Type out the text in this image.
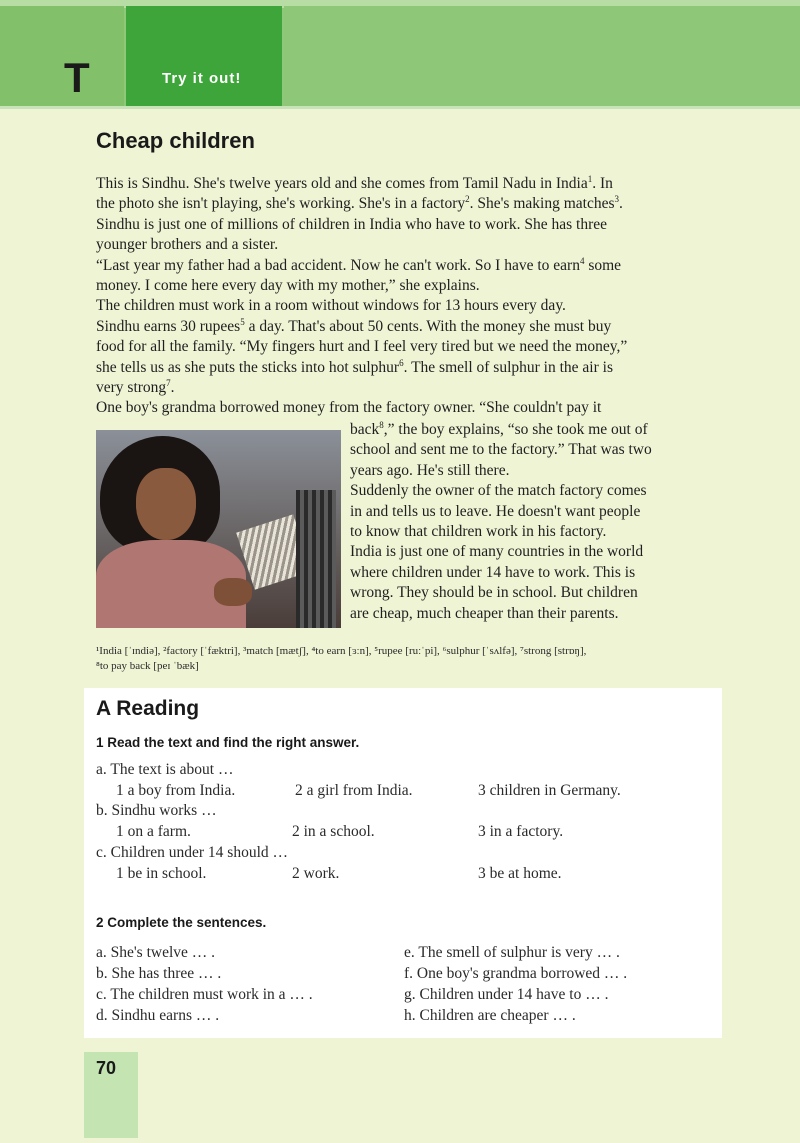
T	Try it out!
Cheap children

This is Sindhu. She's twelve years old and she comes from Tamil Nadu in India$^1$. In

the photo she isn't playing, she's working. She's in a factory$^2$. She's making matches$^3$.

Sindhu is just one of millions of children in India who have to work. She has three

younger brothers and a sister.

“Last year my father had a bad accident. Now he can't work. So I have to earn$^4$ some

money. I come here every day with my mother,” she explains.

The children must work in a room without windows for 13 hours every day.

Sindhu earns 30 rupees$^5$ a day. That's about 50 cents. With the money she must buy

food for all the family. “My fingers hurt and I feel very tired but we need the money,”

she tells us as she puts the sticks into hot sulphur$^6$. The smell of sulphur in the air is

very strong$^7$.

One boy's grandma borrowed money from the factory owner. “She couldn't pay it

back$^8$,” the boy explains, “so she took me out of

school and sent me to the factory.” That was two

years ago. He's still there.

Suddenly the owner of the match factory comes

in and tells us to leave. He doesn't want people

to know that children work in his factory.

India is just one of many countries in the world

where children under 14 have to work. This is

wrong. They should be in school. But children

are cheap, much cheaper than their parents.

¹India [ˈɪndiə], ²factory [ˈfæktri], ³match [mætʃ], ⁴to earn [ɜːn], ⁵rupee [ruːˈpi], ⁶sulphur [ˈsʌlfə], ⁷strong [strɒŋ],
⁸to pay back [peɪ ˈbæk]
A Reading
1 Read the text and find the right answer.
a. The text is about …
1 a boy from India.	2 a girl from India.	3 children in Germany.
b. Sindhu works …
1 on a farm.	2 in a school.	3 in a factory.
c. Children under 14 should …
1 be in school.	2 work.	3 be at home.
2 Complete the sentences.
a. She's twelve … .
b. She has three … .
c. The children must work in a … .
d. Sindhu earns … .
e. The smell of sulphur is very … .
f. One boy's grandma borrowed … .
g. Children under 14 have to … .
h. Children are cheaper … .
70
